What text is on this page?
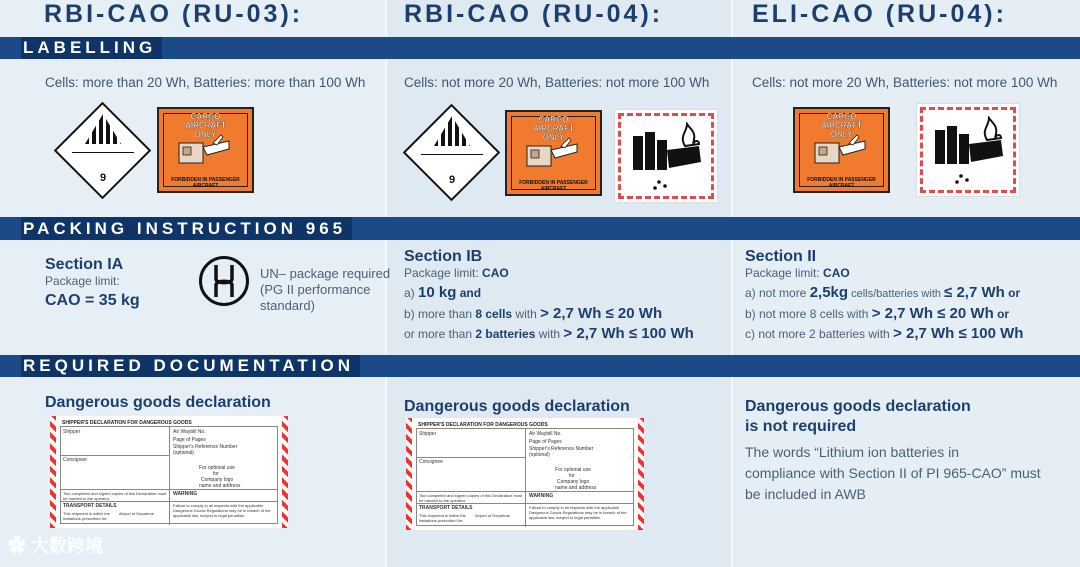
RBI-CAO (RU-03):	RBI-CAO (RU-04):	ELI-CAO (RU-04):
LABELLING
Cells: more than 20 Wh, Batteries: more than 100 Wh	Cells: not more 20 Wh, Batteries: not more 100 Wh	Cells: not more 20 Wh, Batteries: not more 100 Wh
9
CARGO AIRCRAFT ONLY
FORBIDDEN IN PASSENGER AIRCRAFT	9
CARGO AIRCRAFT ONLY
FORBIDDEN IN PASSENGER AIRCRAFT
CARGO AIRCRAFT ONLY
FORBIDDEN IN PASSENGER AIRCRAFT
PACKING INSTRUCTION 965
Section IA
Package limit:
CAO = 35 kg
UN– package required
(PG II performance
standard)
Section IB
Package limit: CAO
a) 10 kg and
b) more than 8 cells with > 2,7 Wh ≤ 20 Wh
or more than 2 batteries with > 2,7 Wh ≤ 100 Wh
Section II
Package limit: CAO
a) not more 2,5kg cells/batteries with ≤ 2,7 Wh or
b) not more 8 cells with > 2,7 Wh ≤ 20 Wh or
c) not more 2 batteries with > 2,7 Wh ≤ 100 Wh
REQUIRED DOCUMENTATION
Dangerous goods declaration	Dangerous goods declaration	Dangerous goods declaration
is not required
The words “Lithium ion batteries in
compliance with Section II of PI 965-CAO” must
be included in AWB
SHIPPER'S DECLARATION FOR DANGEROUS GOODS
Shipper	Air Waybill No.
Page of Pages
Shipper's Reference Number
(optional)
Consignee
For optional use
for
Company logo
name and address
Two completed and signed copies of this Declaration must be handed to the operator.
WARNING
TRANSPORT DETAILS
This shipment is within the limitations prescribed for:
Airport of Departure
Failure to comply in all respects with the applicable Dangerous Goods Regulations may be in breach of the applicable law, subject to legal penalties.
SHIPPER'S DECLARATION FOR DANGEROUS GOODS
Shipper	Air Waybill No.
Page of Pages
Shipper's Reference Number
(optional)
Consignee
For optional use
for
Company logo
name and address
Two completed and signed copies of this Declaration must be handed to the operator.
WARNING
TRANSPORT DETAILS
This shipment is within the limitations prescribed for:
Airport of Departure
Failure to comply in all respects with the applicable Dangerous Goods Regulations may be in breach of the applicable law, subject to legal penalties.
✿ 大数跨境
